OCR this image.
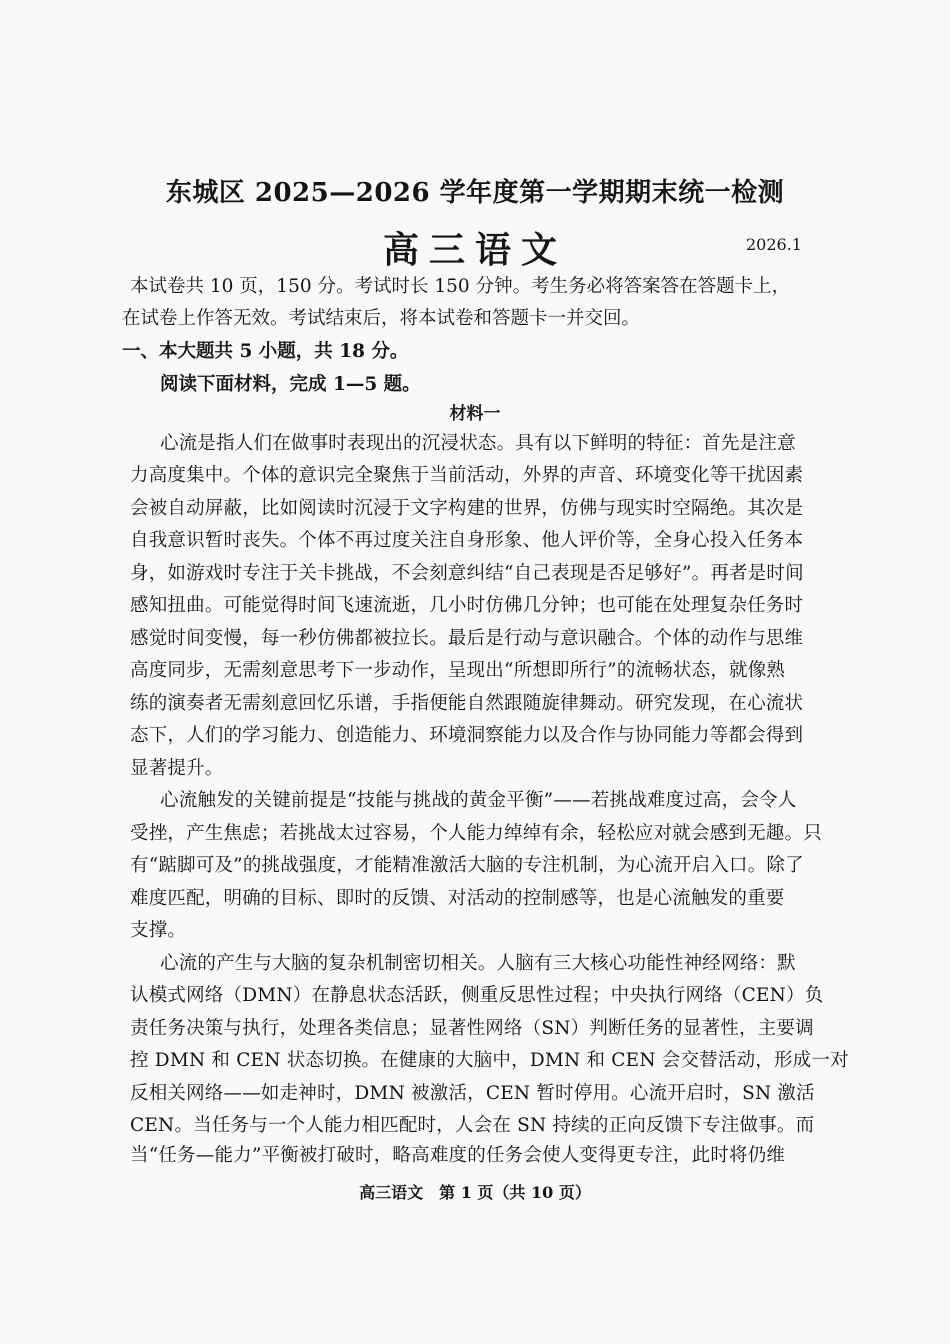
东城区 2025—2026 学年度第一学期期末统一检测
高三语文	2026.1
本试卷共 10 页，150 分。考试时长 150 分钟。考生务必将答案答在答题卡上，
在试卷上作答无效。考试结束后，将本试卷和答题卡一并交回。
一、本大题共 5 小题，共 18 分。
阅读下面材料，完成 1—5 题。
材料一
心流是指人们在做事时表现出的沉浸状态。具有以下鲜明的特征：首先是注意
力高度集中。个体的意识完全聚焦于当前活动，外界的声音、环境变化等干扰因素
会被自动屏蔽，比如阅读时沉浸于文字构建的世界，仿佛与现实时空隔绝。其次是
自我意识暂时丧失。个体不再过度关注自身形象、他人评价等，全身心投入任务本
身，如游戏时专注于关卡挑战，不会刻意纠结“自己表现是否足够好”。再者是时间
感知扭曲。可能觉得时间飞速流逝，几小时仿佛几分钟；也可能在处理复杂任务时
感觉时间变慢，每一秒仿佛都被拉长。最后是行动与意识融合。个体的动作与思维
高度同步，无需刻意思考下一步动作，呈现出“所想即所行”的流畅状态，就像熟
练的演奏者无需刻意回忆乐谱，手指便能自然跟随旋律舞动。研究发现，在心流状
态下，人们的学习能力、创造能力、环境洞察能力以及合作与协同能力等都会得到
显著提升。
心流触发的关键前提是“技能与挑战的黄金平衡”——若挑战难度过高，会令人
受挫，产生焦虑；若挑战太过容易，个人能力绰绰有余，轻松应对就会感到无趣。只
有“踮脚可及”的挑战强度，才能精准激活大脑的专注机制，为心流开启入口。除了
难度匹配，明确的目标、即时的反馈、对活动的控制感等，也是心流触发的重要
支撑。
心流的产生与大脑的复杂机制密切相关。人脑有三大核心功能性神经网络：默
认模式网络（DMN）在静息状态活跃，侧重反思性过程；中央执行网络（CEN）负
责任务决策与执行，处理各类信息；显著性网络（SN）判断任务的显著性，主要调
控 DMN 和 CEN 状态切换。在健康的大脑中，DMN 和 CEN 会交替活动，形成一对
反相关网络——如走神时，DMN 被激活，CEN 暂时停用。心流开启时，SN 激活
CEN。当任务与一个人能力相匹配时，人会在 SN 持续的正向反馈下专注做事。而
当“任务—能力”平衡被打破时，略高难度的任务会使人变得更专注，此时将仍维
高三语文　第 1 页（共 10 页）
